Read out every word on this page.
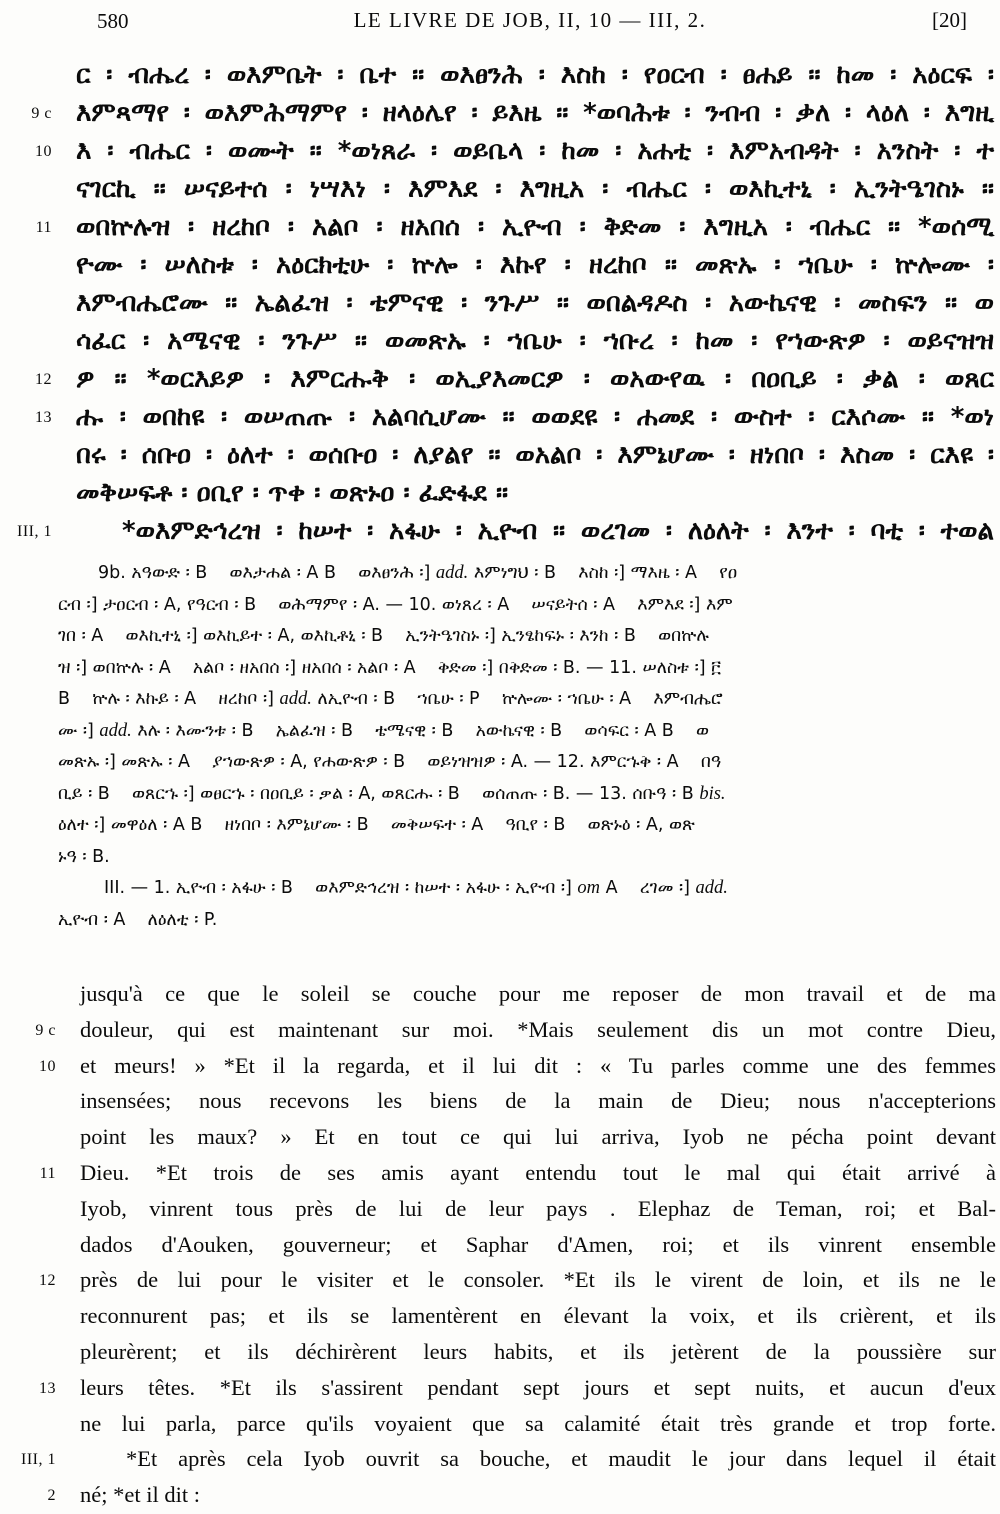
580	LE LIVRE DE JOB, II, 10 — III, 2.	[20]
ር ፡ ብሔረ ፡ ወእምቤት ፡ ቤተ ። ወእፀንሕ ፡ እስከ ፡ የዐርብ ፡ ፀሐይ ። ከመ ፡ አዕርፍ ፡
9 c እምጻማየ ፡ ወእምሕማምየ ፡ ዘላዕሌየ ፡ ይእዜ ። *ወባሕቱ ፡ ንብብ ፡ ቃለ ፡ ላዕለ ፡ እግዚ
10 እ ፡ ብሔር ፡ ወሙት ። *ወነጸራ ፡ ወይቤላ ፡ ከመ ፡ አሐቲ ፡ እምአብዳት ፡ አንስት ፡ ተ
ናገርኪ ። ሠናይተሰ ፡ ነሣእነ ፡ እምእደ ፡ እግዚአ ፡ ብሔር ፡ ወእኪተኒ ፡ ኢንትዔገስኑ ።
11 ወበኵሉዝ ፡ ዘረከቦ ፡ አልቦ ፡ ዘአበሰ ፡ ኢዮብ ፡ ቅድመ ፡ እግዚአ ፡ ብሔር ። *ወሰሚ
ዮሙ ፡ ሠለስቱ ፡ አዕርክቲሁ ፡ ኵሎ ፡ እኩየ ፡ ዘረከቦ ። መጽኡ ፡ ኀቤሁ ፡ ኵሎሙ ፡
እምብሔሮሙ ። ኤልፈዝ ፡ ቴምናዊ ፡ ንጉሥ ። ወበልዳዶስ ፡ አውኬናዊ ፡ መስፍን ። ወ
ሳፈር ፡ አሜናዊ ፡ ንጉሥ ። ወመጽኡ ፡ ኀቤሁ ፡ ኀቡረ ፡ ከመ ፡ የኀውጽዎ ፡ ወይናዝዝ
12 ዎ ። *ወርእይዎ ፡ እምርሑቅ ፡ ወኢያእመርዎ ፡ ወአውየዉ ፡ በዐቢይ ፡ ቃል ፡ ወጸር
13 ሑ ፡ ወበከዩ ፡ ወሠጠጡ ፡ አልባሲሆሙ ። ወወደዩ ፡ ሐመደ ፡ ውስተ ፡ ርእሶሙ ። *ወነ
በሩ ፡ ሰቡዐ ፡ ዕለተ ፡ ወሰቡዐ ፡ ለያልየ ። ወአልቦ ፡ እምኔሆሙ ፡ ዘነበቦ ፡ እስመ ፡ ርእዩ ፡
መቅሠፍቶ ፡ ዐቢየ ፡ ጥቀ ፡ ወጽኑዐ ፡ ፈድፋደ ።
III, 1	*ወእምድኅረዝ ፡ ከሠተ ፡ አፋሁ ፡ ኢዮብ ። ወረገመ ፡ ለዕለት ፡ እንተ ፡ ባቲ ፡ ተወል
9b. አዓውድ ፡ B    ወእታሐል ፡ A B    ወእፀንሕ ፡] add. እምነግህ ፡ B    እስከ ፡] ማእዜ ፡ A    የዐ
ርብ ፡] ታዐርብ ፡ A, የዓርብ ፡ B    ወሕማምየ ፡ A. — 10. ወነጸረ ፡ A    ሠናይትሰ ፡ A    እምእደ ፡] እም
ገበ ፡ A    ወእኪተኒ ፡] ወእኪይተ ፡ A, ወእኪቶኒ ፡ B    ኢንትዔገስኑ ፡] ኢንፄከፍኑ ፡ እንከ ፡ B    ወበኵሉ
ዝ ፡] ወበኵሉ ፡ A    አልቦ ፡ ዘአበሰ ፡] ዘአበሰ ፡ አልቦ ፡ A    ቅድመ ፡] በቅድመ ፡ B. — 11. ሠለስቱ ፡] ፫
B    ኵሉ ፡ እኩይ ፡ A    ዘረከቦ ፡] add. ለኢዮብ ፡ B    ኀቤሁ ፡ P    ኵሎሙ ፡ ኀቤሁ ፡ A    እምብሔሮ
ሙ ፡] add. እሉ ፡ እሙንቱ ፡ B    ኤልፈዝ ፡ B    ቴሜናዊ ፡ B    አውኬናዊ ፡ B    ወሳፍር ፡ A B    ወ
መጽኡ ፡] መጽኡ ፡ A    ያኀውጽዎ ፡ A, የሐውጽዎ ፡ B    ወይነዝዝዎ ፡ A. — 12. እምርኁቅ ፡ A    በዓ
ቢይ ፡ B    ወጸርኁ ፡] ወፀርኁ ፡ በዐቢይ ፡ ቃል ፡ A, ወጸርሑ ፡ B    ወሰጠጡ ፡ B. — 13. ሰቡዓ ፡ B bis.
ዕለተ ፡] መዋዕለ ፡ A B    ዘነበቦ ፡ እምኔሆሙ ፡ B    መቅሠፍተ ፡ A    ዓቢየ ፡ B    ወጽኑዕ ፡ A, ወጽ
ኑዓ ፡ B.
III. — 1. ኢዮብ ፡ አፋሁ ፡ B    ወእምድኅረዝ ፡ ከሠተ ፡ አፋሁ ፡ ኢዮብ ፡] om A    ረገመ ፡] add.
ኢዮብ ፡ A    ለዕለቲ ፡ P.
jusqu'à ce que le soleil se couche pour me reposer de mon travail et de ma
9 c douleur, qui est maintenant sur moi. *Mais seulement dis un mot contre Dieu,
10 et meurs! » *Et il la regarda, et il lui dit : « Tu parles comme une des femmes
insensées; nous recevons les biens de la main de Dieu; nous n'accepterions
point les maux? » Et en tout ce qui lui arriva, Iyob ne pécha point devant
11 Dieu. *Et trois de ses amis ayant entendu tout le mal qui était arrivé à
Iyob, vinrent tous près de lui de leur pays . Elephaz de Teman, roi; et Bal-
dados d'Aouken, gouverneur; et Saphar d'Amen, roi; et ils vinrent ensemble
12 près de lui pour le visiter et le consoler. *Et ils le virent de loin, et ils ne le
reconnurent pas; et ils se lamentèrent en élevant la voix, et ils crièrent, et ils
pleurèrent; et ils déchirèrent leurs habits, et ils jetèrent de la poussière sur
13 leurs têtes. *Et ils s'assirent pendant sept jours et sept nuits, et aucun d'eux
ne lui parla, parce qu'ils voyaient que sa calamité était très grande et trop forte.
III, 1	*Et après cela Iyob ouvrit sa bouche, et maudit le jour dans lequel il était
2 né; *et il dit :
